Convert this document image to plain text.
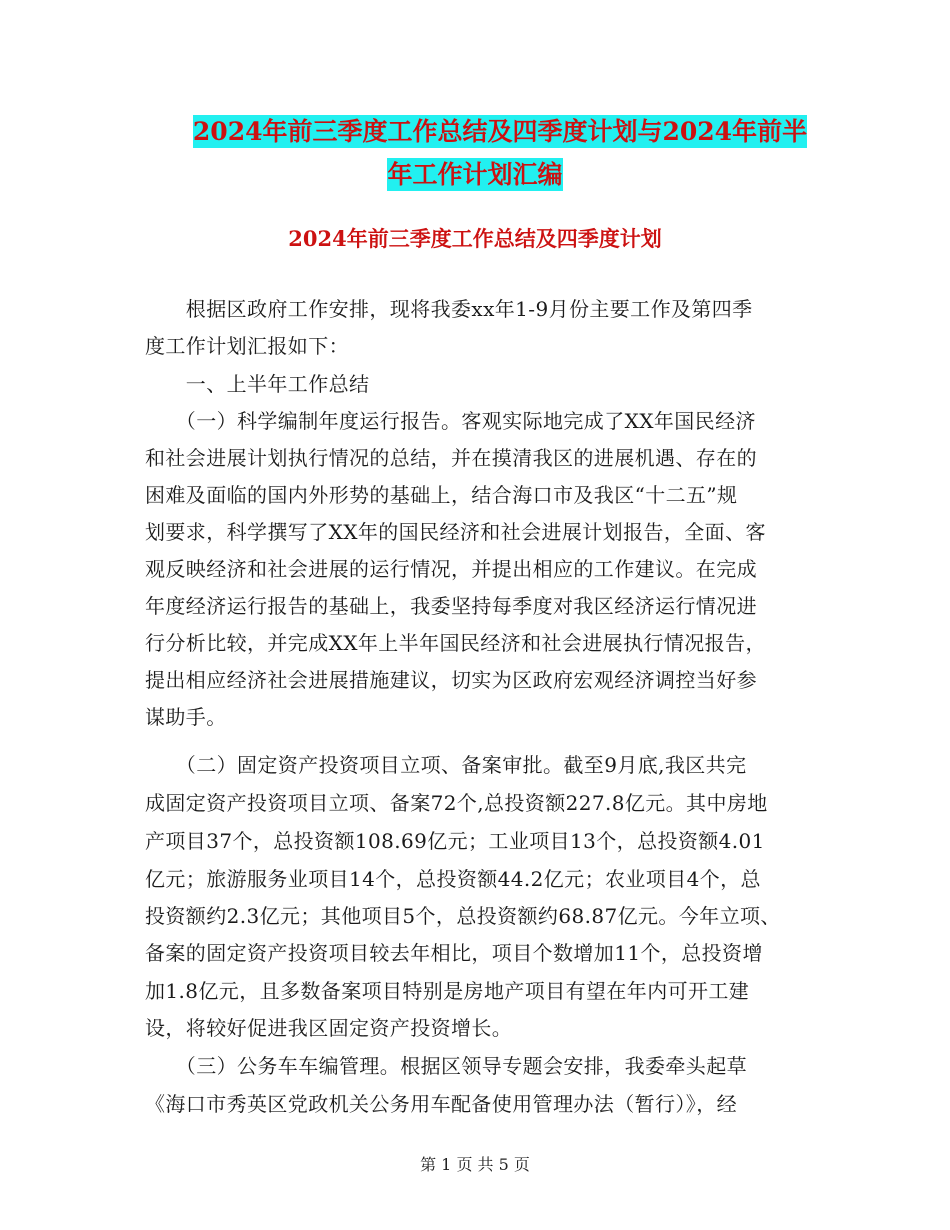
2024年前三季度工作总结及四季度计划与2024年前半
年工作计划汇编
2024年前三季度工作总结及四季度计划
　　根据区政府工作安排，现将我委xx年1-9月份主要工作及第四季
度工作计划汇报如下：
　　一、上半年工作总结
　　（一）科学编制年度运行报告。客观实际地完成了XX年国民经济
和社会进展计划执行情况的总结，并在摸清我区的进展机遇、存在的
困难及面临的国内外形势的基础上，结合海口市及我区“十二五”规
划要求，科学撰写了XX年的国民经济和社会进展计划报告，全面、客
观反映经济和社会进展的运行情况，并提出相应的工作建议。在完成
年度经济运行报告的基础上，我委坚持每季度对我区经济运行情况进
行分析比较，并完成XX年上半年国民经济和社会进展执行情况报告，
提出相应经济社会进展措施建议，切实为区政府宏观经济调控当好参
谋助手。
　　（二）固定资产投资项目立项、备案审批。截至9月底,我区共完
成固定资产投资项目立项、备案72个,总投资额227.8亿元。其中房地
产项目37个，总投资额108.69亿元；工业项目13个，总投资额4.01
亿元；旅游服务业项目14个，总投资额44.2亿元；农业项目4个，总
投资额约2.3亿元；其他项目5个，总投资额约68.87亿元。今年立项、
备案的固定资产投资项目较去年相比，项目个数增加11个，总投资增
加1.8亿元，且多数备案项目特别是房地产项目有望在年内可开工建
设，将较好促进我区固定资产投资增长。
　　（三）公务车车编管理。根据区领导专题会安排，我委牵头起草
《海口市秀英区党政机关公务用车配备使用管理办法（暂行）》，经
第 1 页 共 5 页
